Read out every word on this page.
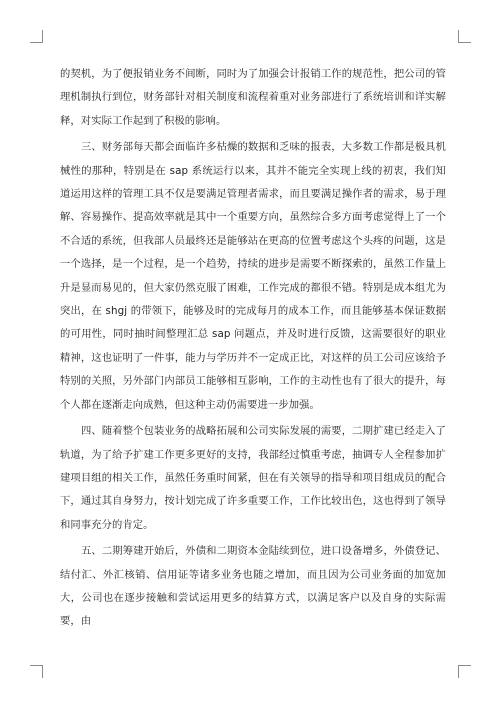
的契机，为了便报销业务不间断，同时为了加强会计报销工作的规范性，把公司的管理机制执行到位，财务部针对相关制度和流程着重对业务部进行了系统培训和详实解释，对实际工作起到了积极的影响。

三、财务部每天都会面临许多枯燥的数据和乏味的报表，大多数工作都是极具机械性的那种，特别是在 sap 系统运行以来，其并不能完全实现上线的初衷，我们知道运用这样的管理工具不仅是要满足管理者需求，而且要满足操作者的需求，易于理解、容易操作、提高效率就是其中一个重要方向，虽然综合多方面考虑觉得上了一个不合适的系统，但我部人员最终还是能够站在更高的位置考虑这个头疼的问题，这是一个选择，是一个过程，是一个趋势，持续的进步是需要不断探索的，虽然工作量上升是显而易见的，但大家仍然克服了困难，工作完成的都很不错。特别是成本组尤为突出，在 shgj 的带领下，能够及时的完成每月的成本工作，而且能够基本保证数据的可用性，同时抽时间整理汇总 sap 问题点，并及时进行反馈，这需要很好的职业精神，这也证明了一件事，能力与学历并不一定成正比，对这样的员工公司应该给予特别的关照，另外部门内部员工能够相互影响，工作的主动性也有了很大的提升，每个人都在逐渐走向成熟，但这种主动仍需要进一步加强。

四、随着整个包装业务的战略拓展和公司实际发展的需要，二期扩建已经走入了轨道，为了给予扩建工作更多更好的支持，我部经过慎重考虑，抽调专人全程参加扩建项目组的相关工作，虽然任务重时间紧，但在有关领导的指导和项目组成员的配合下，通过其自身努力，按计划完成了许多重要工作，工作比较出色，这也得到了领导和同事充分的肯定。

五、二期筹建开始后，外债和二期资本金陆续到位，进口设备增多，外债登记、结付汇、外汇核销、信用证等诸多业务也随之增加，而且因为公司业务面的加宽加大，公司也在逐步接触和尝试运用更多的结算方式，以满足客户以及自身的实际需要，由
